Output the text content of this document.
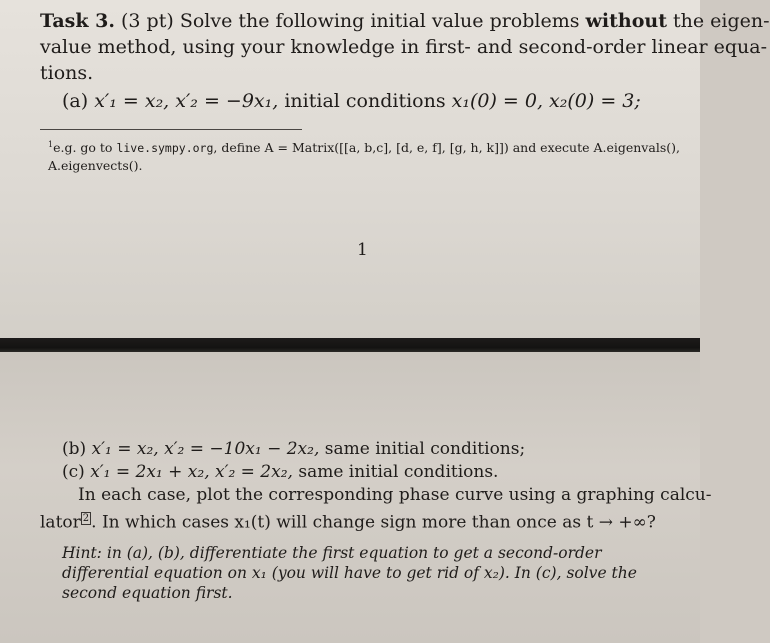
Task 3. (3 pt) Solve the following initial value problems without the eigen-
value method, using your knowledge in first- and second-order linear equa-
tions.
(a) x′₁ = x₂, x′₂ = −9x₁, initial conditions x₁(0) = 0, x₂(0) = 3;
$^1$e.g. go to live.sympy.org, define A = Matrix([[a, b,c], [d, e, f], [g, h, k]]) and execute A.eigenvals(),
A.eigenvects().
1
(b) x′₁ = x₂, x′₂ = −10x₁ − 2x₂, same initial conditions;
(c) x′₁ = 2x₁ + x₂, x′₂ = 2x₂, same initial conditions.
In each case, plot the corresponding phase curve using a graphing calcu-
lator $^2$ . In which cases x₁(t) will change sign more than once as t → +∞?
Hint: in (a), (b), differentiate the first equation to get a second-order
differential equation on x₁ (you will have to get rid of x₂). In (c), solve the
second equation first.
